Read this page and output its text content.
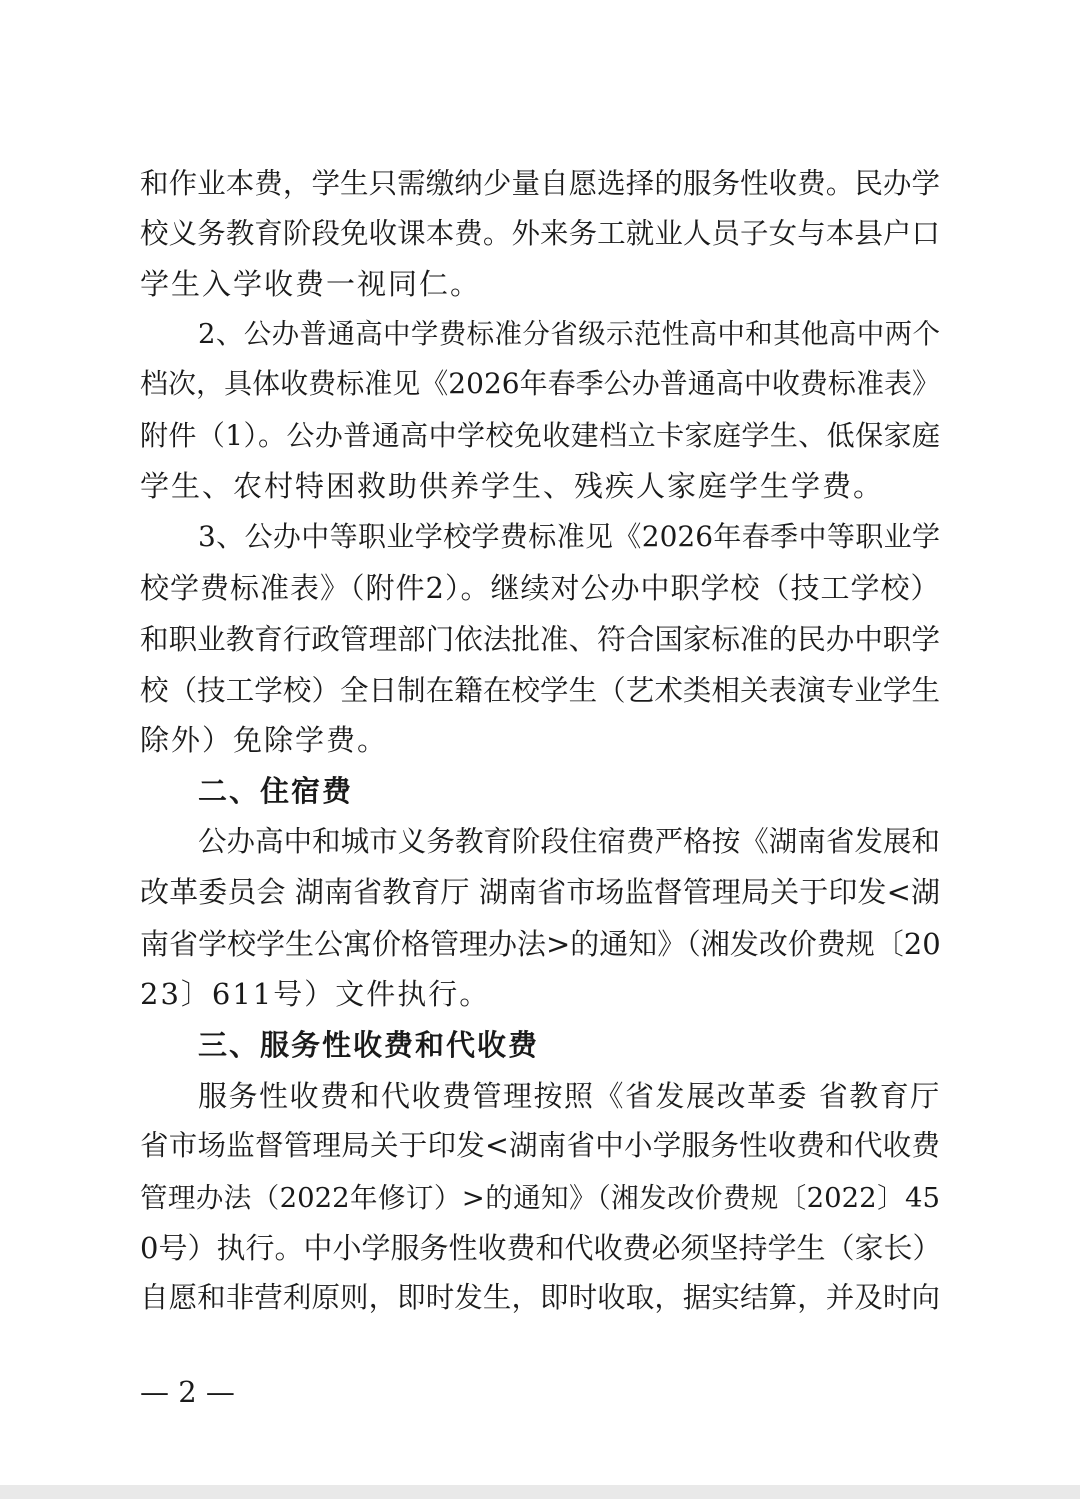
和作业本费，学生只需缴纳少量自愿选择的服务性收费。民办学
校义务教育阶段免收课本费。外来务工就业人员子女与本县户口
学生入学收费一视同仁。
2、公办普通高中学费标准分省级示范性高中和其他高中两个
档次，具体收费标准见《2026年春季公办普通高中收费标准表》
附件（1）。公办普通高中学校免收建档立卡家庭学生、低保家庭
学生、农村特困救助供养学生、残疾人家庭学生学费。
3、公办中等职业学校学费标准见《2026年春季中等职业学
校学费标准表》（附件2）。继续对公办中职学校（技工学校）
和职业教育行政管理部门依法批准、符合国家标准的民办中职学
校（技工学校）全日制在籍在校学生（艺术类相关表演专业学生
除外）免除学费。
二、住宿费
公办高中和城市义务教育阶段住宿费严格按《湖南省发展和
改革委员会 湖南省教育厅 湖南省市场监督管理局关于印发<湖
南省学校学生公寓价格管理办法>的通知》（湘发改价费规〔20
23〕611号）文件执行。
三、服务性收费和代收费
服务性收费和代收费管理按照《省发展改革委 省教育厅
省市场监督管理局关于印发<湖南省中小学服务性收费和代收费
管理办法（2022年修订）>的通知》（湘发改价费规〔2022〕45
0号）执行。中小学服务性收费和代收费必须坚持学生（家长）
自愿和非营利原则，即时发生，即时收取，据实结算，并及时向
— 2 —
